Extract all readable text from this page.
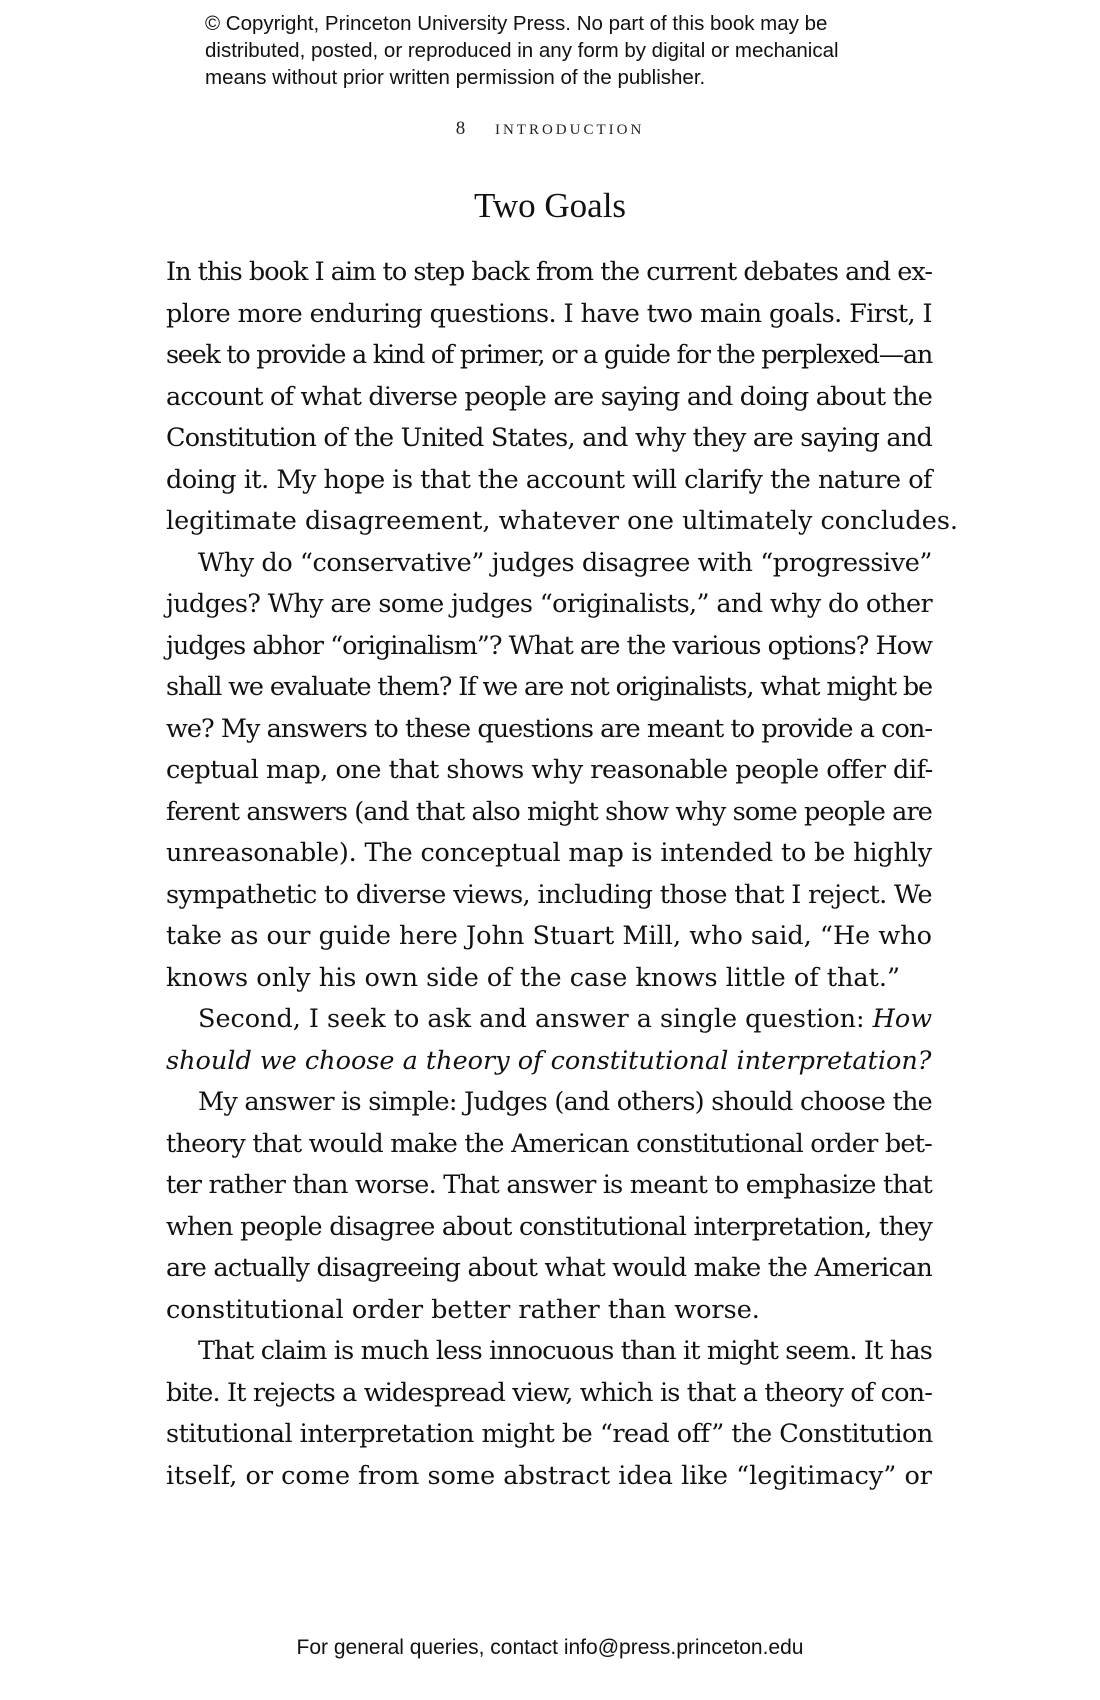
© Copyright, Princeton University Press. No part of this book may be
distributed, posted, or reproduced in any form by digital or mechanical
means without prior written permission of the publisher.
8 introduction
Two Goals
In this book I aim to step back from the current debates and ex-
plore more enduring questions. I have two main goals. First, I
seek to provide a kind of primer, or a guide for the perplexed—an
account of what diverse people are saying and doing about the
Constitution of the United States, and why they are saying and
doing it. My hope is that the account will clarify the nature of
legitimate disagreement, whatever one ultimately concludes.
Why do “conservative” judges disagree with “progressive”
judges? Why are some judges “originalists,” and why do other
judges abhor “originalism”? What are the various options? How
shall we evaluate them? If we are not originalists, what might be
we? My answers to these questions are meant to provide a con-
ceptual map, one that shows why reasonable people offer dif-
ferent answers (and that also might show why some people are
unreasonable). The conceptual map is intended to be highly
sympathetic to diverse views, including those that I reject. We
take as our guide here John Stuart Mill, who said, “He who
knows only his own side of the case knows little of that.”
Second, I seek to ask and answer a single question: How
should we choose a theory of constitutional interpretation?
My answer is simple: Judges (and others) should choose the
theory that would make the American constitutional order bet-
ter rather than worse. That answer is meant to emphasize that
when people disagree about constitutional interpretation, they
are actually disagreeing about what would make the American
constitutional order better rather than worse.
That claim is much less innocuous than it might seem. It has
bite. It rejects a widespread view, which is that a theory of con-
stitutional interpretation might be “read off” the Constitution
itself, or come from some abstract idea like “legitimacy” or
For general queries, contact info@press.princeton.edu
